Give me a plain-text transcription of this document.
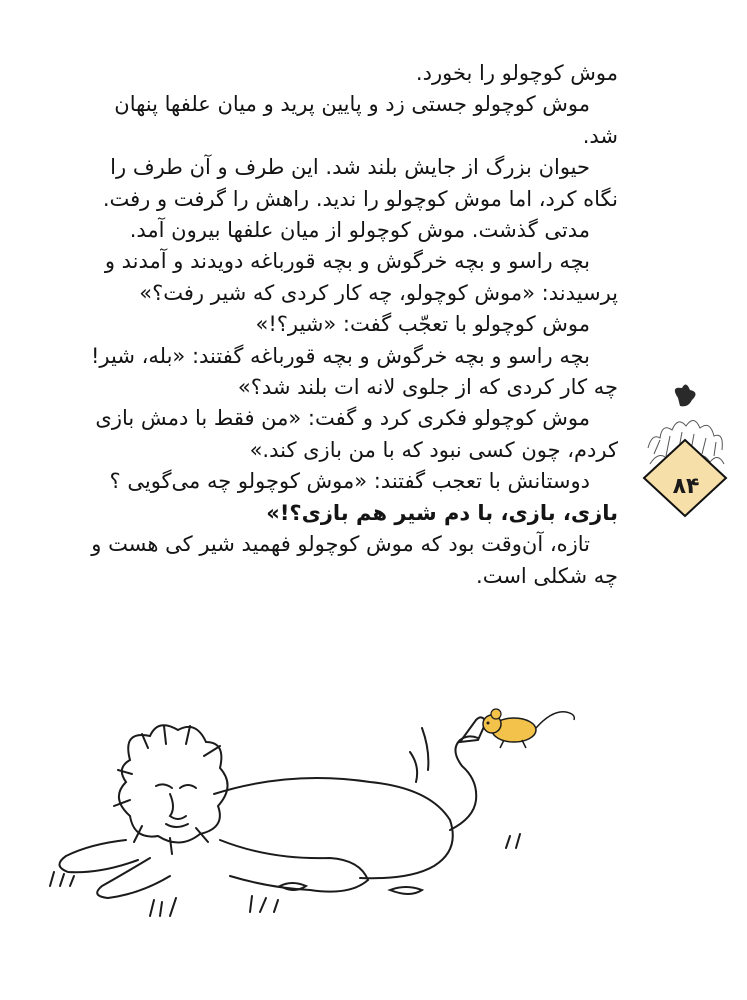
موش کوچولو را بخورد.

موش کوچولو جستی زد و پایین پرید و میان علفها پنهان شد.

حیوان بزرگ از جایش بلند شد. این طرف و آن طرف را نگاه کرد، اما موش کوچولو را ندید. راهش را گرفت و رفت.

مدتی گذشت. موش کوچولو از میان علفها بیرون آمد.

بچه راسو و بچه خرگوش و بچه قورباغه دویدند و آمدند و پرسیدند: «موش کوچولو، چه کار کردی که شیر رفت؟»

موش کوچولو با تعجّب گفت: «شیر؟!»

بچه راسو و بچه خرگوش و بچه قورباغه گفتند: «بله، شیر! چه کار کردی که از جلوی لانه ات بلند شد؟»

موش کوچولو فکری کرد و گفت: «من فقط با دمش بازی کردم، چون کسی نبود که با من بازی کند.»

دوستانش با تعجب گفتند: «موش کوچولو چه می‌گویی ؟

بازی، بازی، با دم شیر هم بازی؟!»

تازه، آن‌وقت بود که موش کوچولو فهمید شیر کی هست و چه شکلی است.

۸۴
